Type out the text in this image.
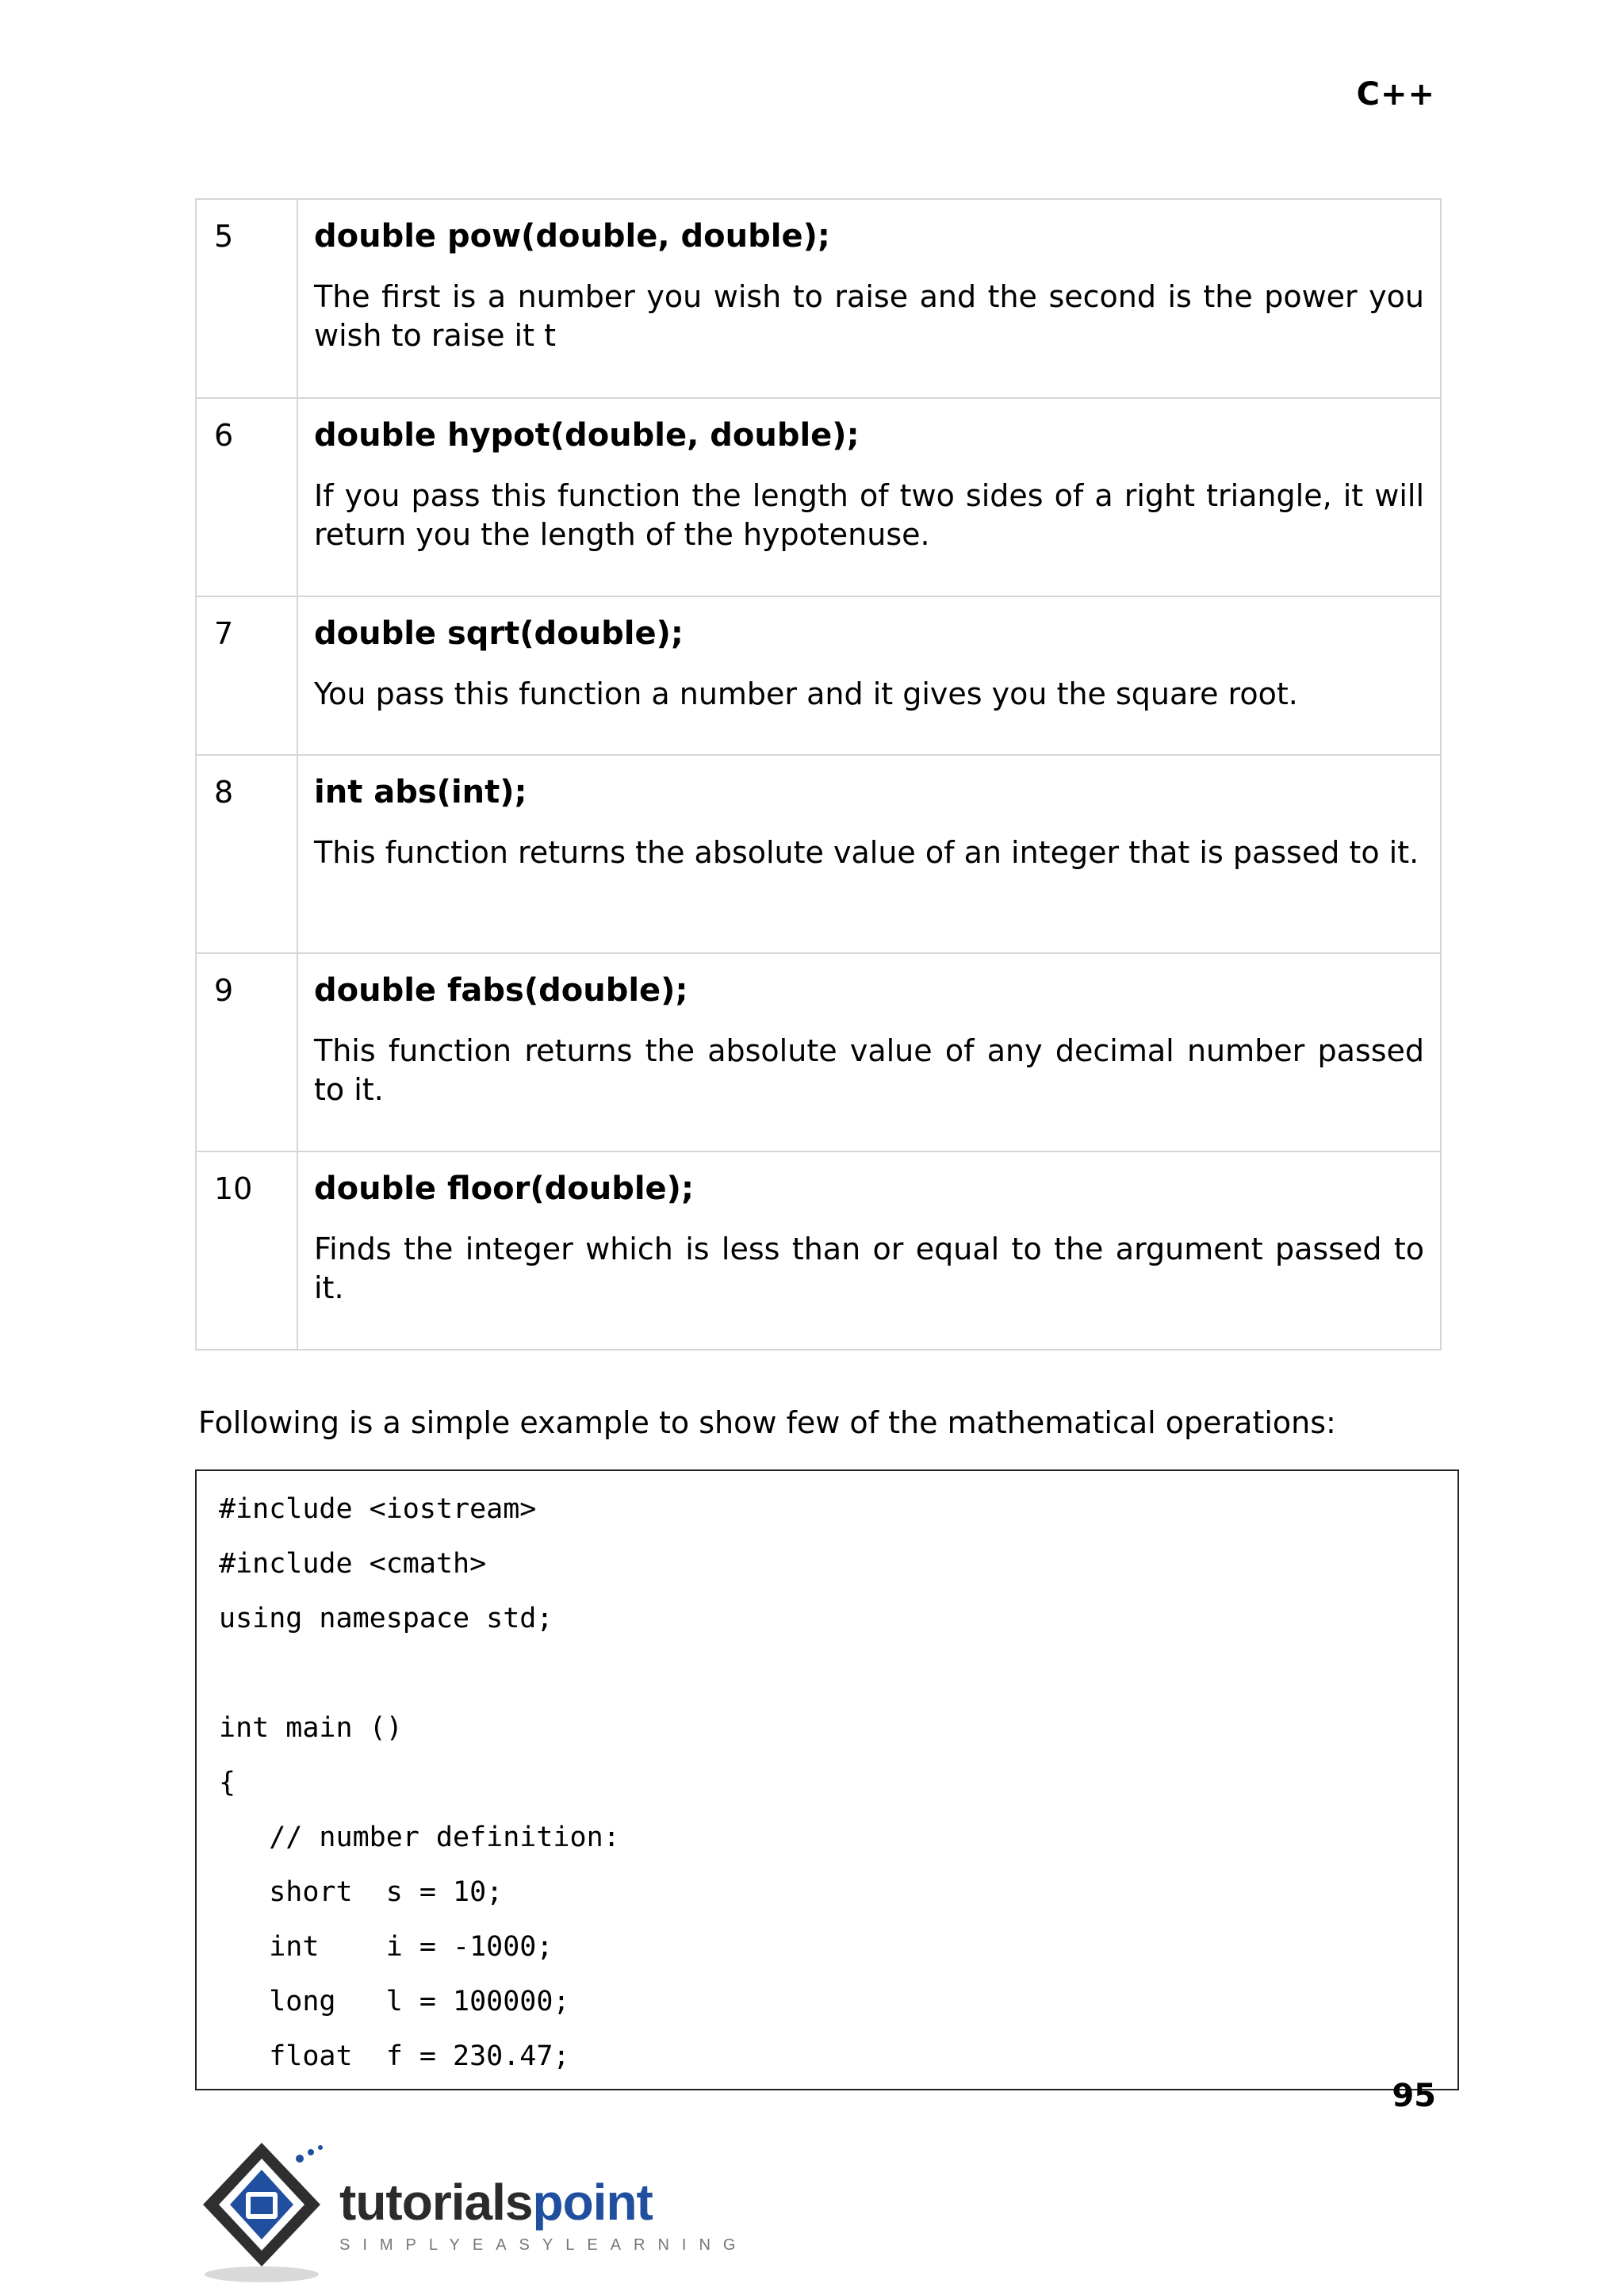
C++
5	double pow(double, double);
The first is a number you wish to raise and the second is the power you wish to raise it t

6	double hypot(double, double);
If you pass this function the length of two sides of a right triangle, it will return you the length of the hypotenuse.

7	double sqrt(double);
You pass this function a number and it gives you the square root.

8	int abs(int);
This function returns the absolute value of an integer that is passed to it.

9	double fabs(double);
This function returns the absolute value of any decimal number passed to it.

10	double floor(double);
Finds the integer which is less than or equal to the argument passed to it.
Following is a simple example to show few of the mathematical operations:
#include <iostream>
#include <cmath>
using namespace std;
int main ()
{
// number definition:
short  s = 10;
int    i = -1000;
long   l = 100000;
float  f = 230.47;
95
tutorialspoint
SIMPLYEASYLEARNING
